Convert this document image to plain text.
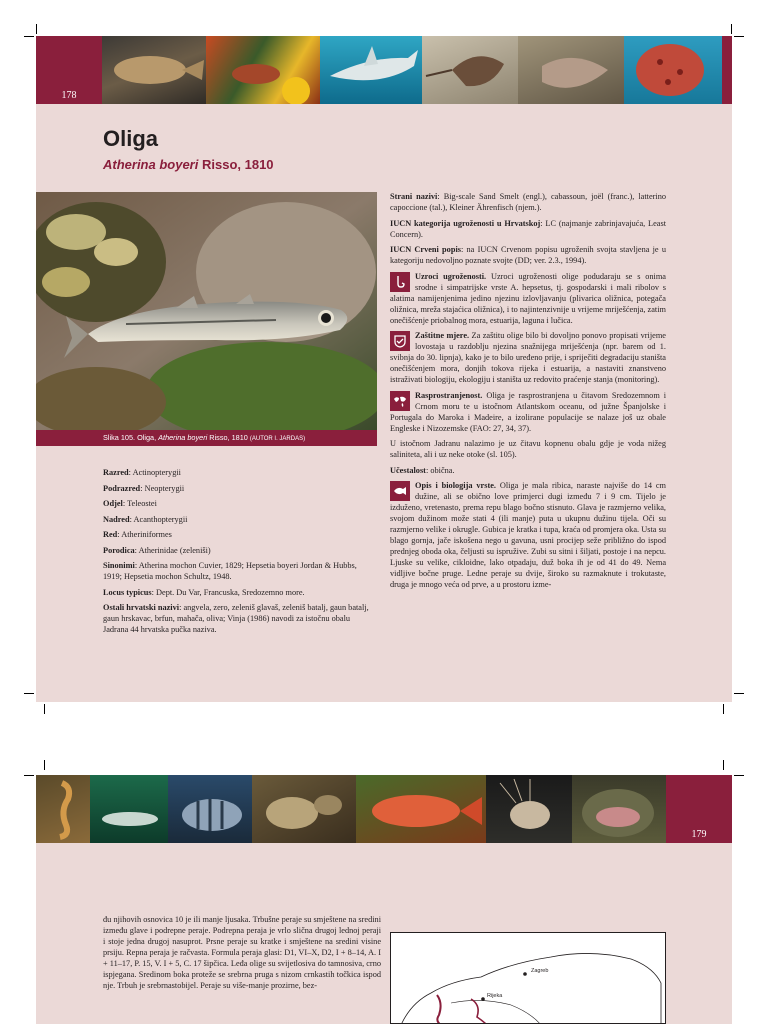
178
Oliga
Atherina boyeri Risso, 1810
Slika 105. Oliga, Atherina boyeri Risso, 1810 (AUTOR I. JARDAS)

Razred: Actinopterygii

Podrazred: Neopterygii

Odjel: Teleostei

Nadred: Acanthopterygii

Red: Atheriniformes

Porodica: Atherinidae (zeleniši)

Sinonimi: Atherina mochon Cuvier, 1829; Hepsetia boyeri Jordan & Hubbs, 1919; Hepsetia mochon Schultz, 1948.

Locus typicus: Dept. Du Var, Francuska, Sredozemno more.

Ostali hrvatski nazivi: angvela, zero, zeleniš glavaš, zeleniš batalj, gaun batalj, gaun hrskavac, brfun, mahača, oliva; Vinja (1986) navodi za istočnu obalu Jadrana 44 hrvatska pučka naziva.

Strani nazivi: Big-scale Sand Smelt (engl.), cabassoun, joël (franc.), latterino capoccione (tal.), Kleiner Ährenfisch (njem.).

IUCN kategorija ugroženosti u Hrvatskoj: LC (najmanje zabrinjavajuća, Least Concern).

IUCN Crveni popis: na IUCN Crvenom popisu ugroženih svojta stavljena je u kategoriju nedovoljno poznate svojte (DD; ver. 2.3., 1994).

Uzroci ugroženosti. Uzroci ugroženosti olige podudaraju se s onima srodne i simpatrijske vrste A. hepsetus, tj. gospodarski i mali ribolov s alatima namijenjenima jedino njezinu izlovljavanju (plivarica oližnica, potegača oližnica, mreža stajaćica oližnica), i to najintenzivnije u vrijeme mriješćenja, zatim onečišćenje priobalnog mora, estuarija, laguna i lučica.

Zaštitne mjere. Za zaštitu olige bilo bi dovoljno ponovo propisati vrijeme lovostaja u razdoblju njezina snažnijega mriješćenja (npr. barem od 1. svibnja do 30. lipnja), kako je to bilo uređeno prije, i spriječiti degradaciju staništa onečišćenjem mora, donjih tokova rijeka i estuarija, a nastaviti znanstveno istraživati biologiju, ekologiju i staništa uz redovito praćenje stanja (monitoring).

Rasprostranjenost. Oliga je rasprostranjena u čitavom Sredozemnom i Crnom moru te u istočnom Atlantskom oceanu, od južne Španjolske i Portugala do Maroka i Madeire, a izolirane populacije se nalaze još uz obale Engleske i Nizozemske (FAO: 27, 34, 37).

U istočnom Jadranu nalazimo je uz čitavu kopnenu obalu gdje je voda nižeg saliniteta, ali i uz neke otoke (sl. 105).

Učestalost: obična.

Opis i biologija vrste. Oliga je mala ribica, naraste najviše do 14 cm dužine, ali se obično love primjerci dugi između 7 i 9 cm. Tijelo je izduženo, vretenasto, prema repu blago bočno stisnuto. Glava je razmjerno velika, svojom dužinom može stati 4 (ili manje) puta u ukupnu dužinu tijela. Oči su razmjerno velike i okrugle. Gubica je kratka i tupa, kraća od promjera oka. Usta su blago gornja, jače iskošena nego u gavuna, usni procijep seže približno do ispod prednjeg oboda oka, čeljusti su ispružive. Zubi su sitni i šiljati, postoje i na nepcu. Ljuske su velike, cikloidne, lako otpadaju, duž boka ih je od 41 do 49. Nema vidljive bočne pruge. Ledne peraje su dvije, široko su razmaknute i trokutaste, druga je mnogo veća od prve, a u prostoru izme-

179

đu njihovih osnovica 10 je ili manje ljusaka. Trbušne peraje su smještene na sredini između glave i podrepne peraje. Podrepna peraja je vrlo slična drugoj lednoj peraji i stoje jedna drugoj nasuprot. Prsne peraje su kratke i smještene na sredini visine prsiju. Repna peraja je račvasta. Formula peraja glasi: D1, VI–X, D2, I + 8–14, A. I + 11–17, P. 15, V. I + 5, C. 17 šipčica. Leđa olige su svijetlosiva do tamnosiva, crno ispjegana. Sredinom boka proteže se srebrna pruga s nizom crnkastih točkica ispod nje. Trbuh je srebrnastobijel. Peraje su više-manje prozirne, bez-

Zagreb
Rijeka
